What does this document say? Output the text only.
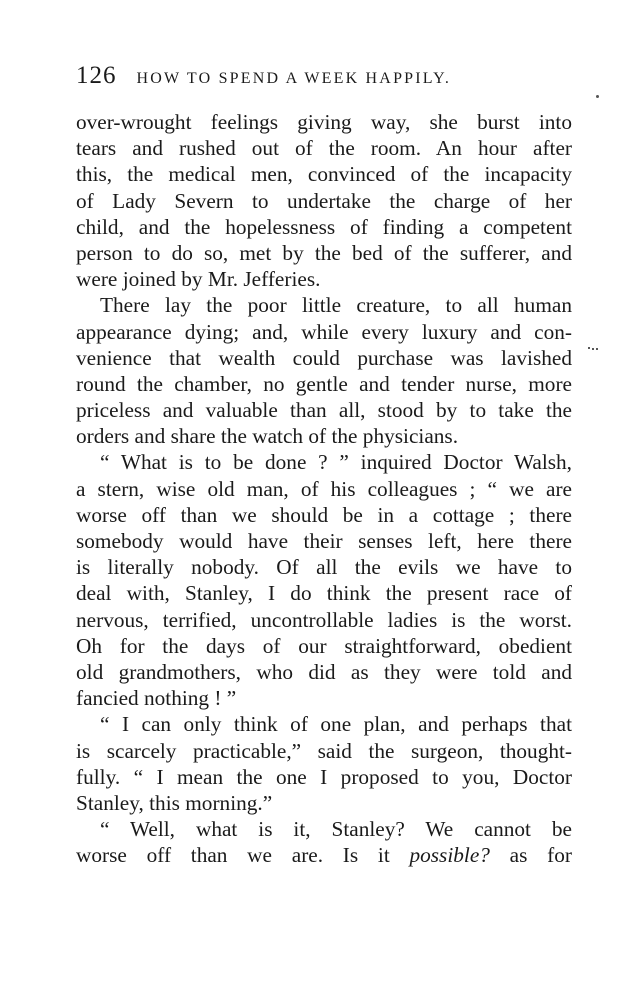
126 HOW TO SPEND A WEEK HAPPILY.
over-wrought feelings giving way, she burst into
tears and rushed out of the room. An hour after
this, the medical men, convinced of the incapacity
of Lady Severn to undertake the charge of her
child, and the hopelessness of finding a competent
person to do so, met by the bed of the sufferer, and
were joined by Mr. Jefferies.
There lay the poor little creature, to all human
appearance dying; and, while every luxury and con-
venience that wealth could purchase was lavished
round the chamber, no gentle and tender nurse, more
priceless and valuable than all, stood by to take the
orders and share the watch of the physicians.
“ What is to be done ? ” inquired Doctor Walsh,
a stern, wise old man, of his colleagues ; “ we are
worse off than we should be in a cottage ; there
somebody would have their senses left, here there
is literally nobody. Of all the evils we have to
deal with, Stanley, I do think the present race of
nervous, terrified, uncontrollable ladies is the worst.
Oh for the days of our straightforward, obedient
old grandmothers, who did as they were told and
fancied nothing ! ”
“ I can only think of one plan, and perhaps that
is scarcely practicable,” said the surgeon, thought-
fully. “ I mean the one I proposed to you, Doctor
Stanley, this morning.”
“ Well, what is it, Stanley? We cannot be
worse off than we are. Is it possible? as for
